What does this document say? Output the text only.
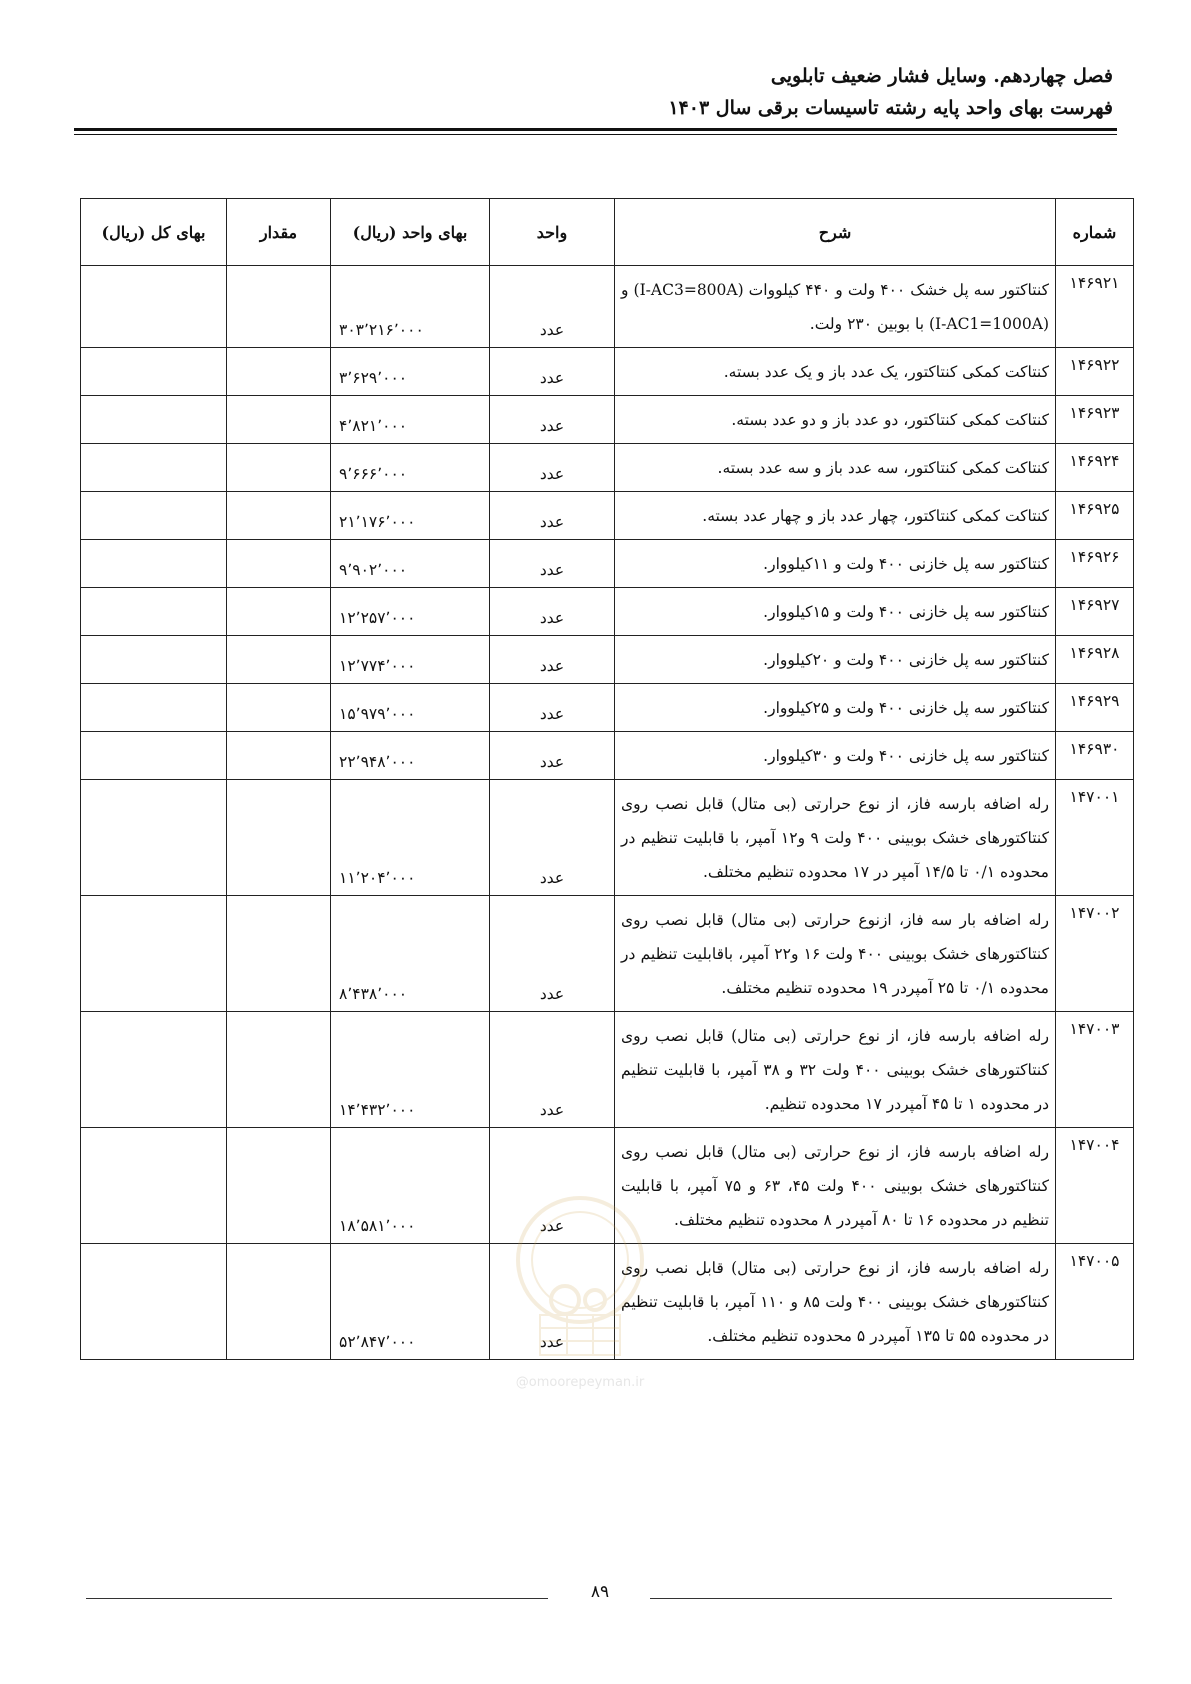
فصل چهاردهم. وسایل فشار ضعیف تابلویی
فهرست بهای واحد پایه رشته تاسیسات برقی سال ۱۴۰۳
شماره	شرح	واحد	بهای واحد (ریال)	مقدار	بهای کل (ریال)
۱۴۶۹۲۱	کنتاکتور سه پل خشک ۴۰۰ ولت و ۴۴۰ کیلووات (I-AC3=800A) و (I-AC1=1000A) با بوبین ۲۳۰ ولت.	عدد	۳۰۳٬۲۱۶٬۰۰۰		
۱۴۶۹۲۲	کنتاکت کمکی کنتاکتور، یک عدد باز و یک عدد بسته.	عدد	۳٬۶۲۹٬۰۰۰		
۱۴۶۹۲۳	کنتاکت کمکی کنتاکتور، دو عدد باز و دو عدد بسته.	عدد	۴٬۸۲۱٬۰۰۰		
۱۴۶۹۲۴	کنتاکت کمکی کنتاکتور، سه عدد باز و سه عدد بسته.	عدد	۹٬۶۶۶٬۰۰۰		
۱۴۶۹۲۵	کنتاکت کمکی کنتاکتور، چهار عدد باز و چهار عدد بسته.	عدد	۲۱٬۱۷۶٬۰۰۰		
۱۴۶۹۲۶	کنتاکتور سه پل خازنی ۴۰۰ ولت و ۱۱کیلووار.	عدد	۹٬۹۰۲٬۰۰۰		
۱۴۶۹۲۷	کنتاکتور سه پل خازنی ۴۰۰ ولت و ۱۵کیلووار.	عدد	۱۲٬۲۵۷٬۰۰۰		
۱۴۶۹۲۸	کنتاکتور سه پل خازنی ۴۰۰ ولت و ۲۰کیلووار.	عدد	۱۲٬۷۷۴٬۰۰۰		
۱۴۶۹۲۹	کنتاکتور سه پل خازنی ۴۰۰ ولت و ۲۵کیلووار.	عدد	۱۵٬۹۷۹٬۰۰۰		
۱۴۶۹۳۰	کنتاکتور سه پل خازنی ۴۰۰ ولت و ۳۰کیلووار.	عدد	۲۲٬۹۴۸٬۰۰۰		
۱۴۷۰۰۱	رله اضافه بارسه فاز، از نوع حرارتی (بی متال) قابل نصب روی کنتاکتورهای خشک بوبینی ۴۰۰ ولت ۹ و۱۲ آمپر، با قابلیت تنظیم در محدوده ۰/۱ تا ۱۴/۵ آمپر در ۱۷ محدوده تنظیم مختلف.	عدد	۱۱٬۲۰۴٬۰۰۰		
۱۴۷۰۰۲	رله اضافه بار سه فاز، ازنوع حرارتی (بی متال) قابل نصب روی کنتاکتورهای خشک بوبینی ۴۰۰ ولت ۱۶ و۲۲ آمپر، باقابلیت تنظیم در محدوده ۰/۱ تا ۲۵ آمپردر ۱۹ محدوده تنظیم مختلف.	عدد	۸٬۴۳۸٬۰۰۰		
۱۴۷۰۰۳	رله اضافه بارسه فاز، از نوع حرارتی (بی متال) قابل نصب روی کنتاکتورهای خشک بوبینی ۴۰۰ ولت ۳۲ و ۳۸ آمپر، با قابلیت تنظیم در محدوده ۱ تا ۴۵ آمپردر ۱۷ محدوده تنظیم.	عدد	۱۴٬۴۳۲٬۰۰۰		
۱۴۷۰۰۴	رله اضافه بارسه فاز، از نوع حرارتی (بی متال) قابل نصب روی کنتاکتورهای خشک بوبینی ۴۰۰ ولت ۴۵، ۶۳ و ۷۵ آمپر، با قابلیت تنظیم در محدوده ۱۶ تا ۸۰ آمپردر ۸ محدوده تنظیم مختلف.	عدد	۱۸٬۵۸۱٬۰۰۰		
۱۴۷۰۰۵	رله اضافه بارسه فاز، از نوع حرارتی (بی متال) قابل نصب روی کنتاکتورهای خشک بوبینی ۴۰۰ ولت ۸۵ و ۱۱۰ آمپر، با قابلیت تنظیم در محدوده ۵۵ تا ۱۳۵ آمپردر ۵ محدوده تنظیم مختلف.	عدد	۵۲٬۸۴۷٬۰۰۰		
@omoorepeyman.ir
۸۹
